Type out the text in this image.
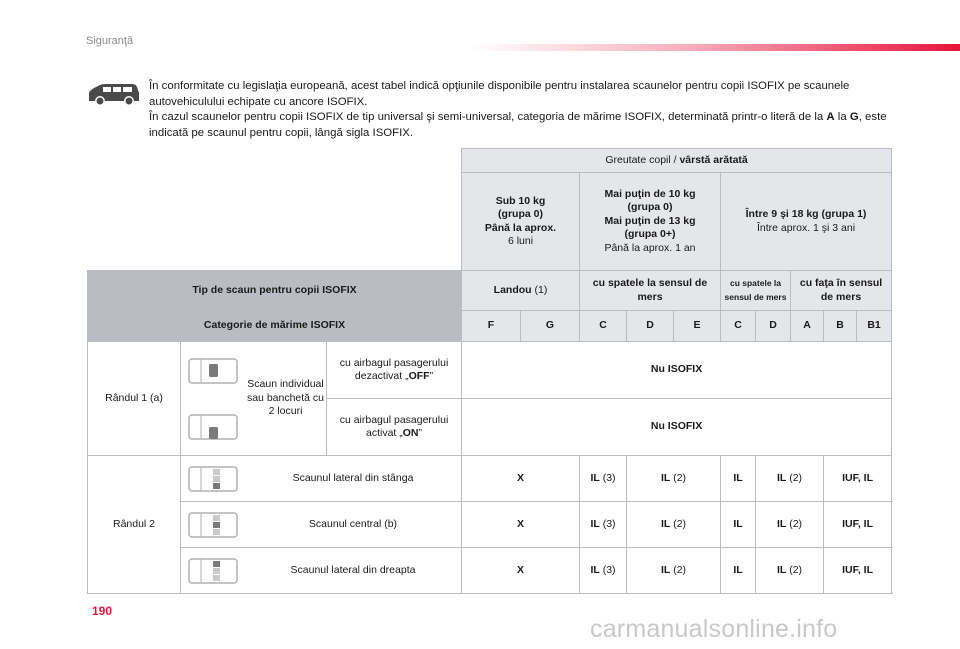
Siguranţă

În conformitate cu legislaţia europeană, acest tabel indică opţiunile disponibile pentru instalarea scaunelor pentru copii ISOFIX pe scaunele autovehiculului echipate cu ancore ISOFIX.

În cazul scaunelor pentru copii ISOFIX de tip universal şi semi-universal, categoria de mărime ISOFIX, determinată printr-o literă de la A la G, este indicată pe scaunul pentru copii, lângă sigla ISOFIX.

			Greutate copil / vârstă arătată									
			Sub 10 kg
(grupa 0)
Până la aprox.
6 luni		Mai puţin de 10 kg
(grupa 0)
Mai puţin de 13 kg
(grupa 0+)
Până la aprox. 1 an			Între 9 şi 18 kg (grupa 1)
Între aprox. 1 şi 3 ani				
Tip de scaun pentru copii ISOFIX			Landou (1)		cu spatele la sensul de mers			cu spatele la sensul de mers		cu faţa în sensul de mers		
Categorie de mărime ISOFIX			F	G	C	D	E	C	D	A	B	B1
Rândul 1 (a)	Scaun individual sau banchetă cu 2 locuri	cu airbagul pasagerului dezactivat „OFF”	Nu ISOFIX									
		cu airbagul pasagerului activat „ON”	Nu ISOFIX									
Rândul 2	Scaunul lateral din stânga		X		IL (3)	IL (2)		IL	IL (2)		IUF, IL	

	Scaunul central (b)		X		IL (3)	IL (2)		IL	IL (2)		IUF, IL	

	Scaunul lateral din dreapta		X		IL (3)	IL (2)		IL	IL (2)		IUF, IL	
190
carmanualsonline.info
